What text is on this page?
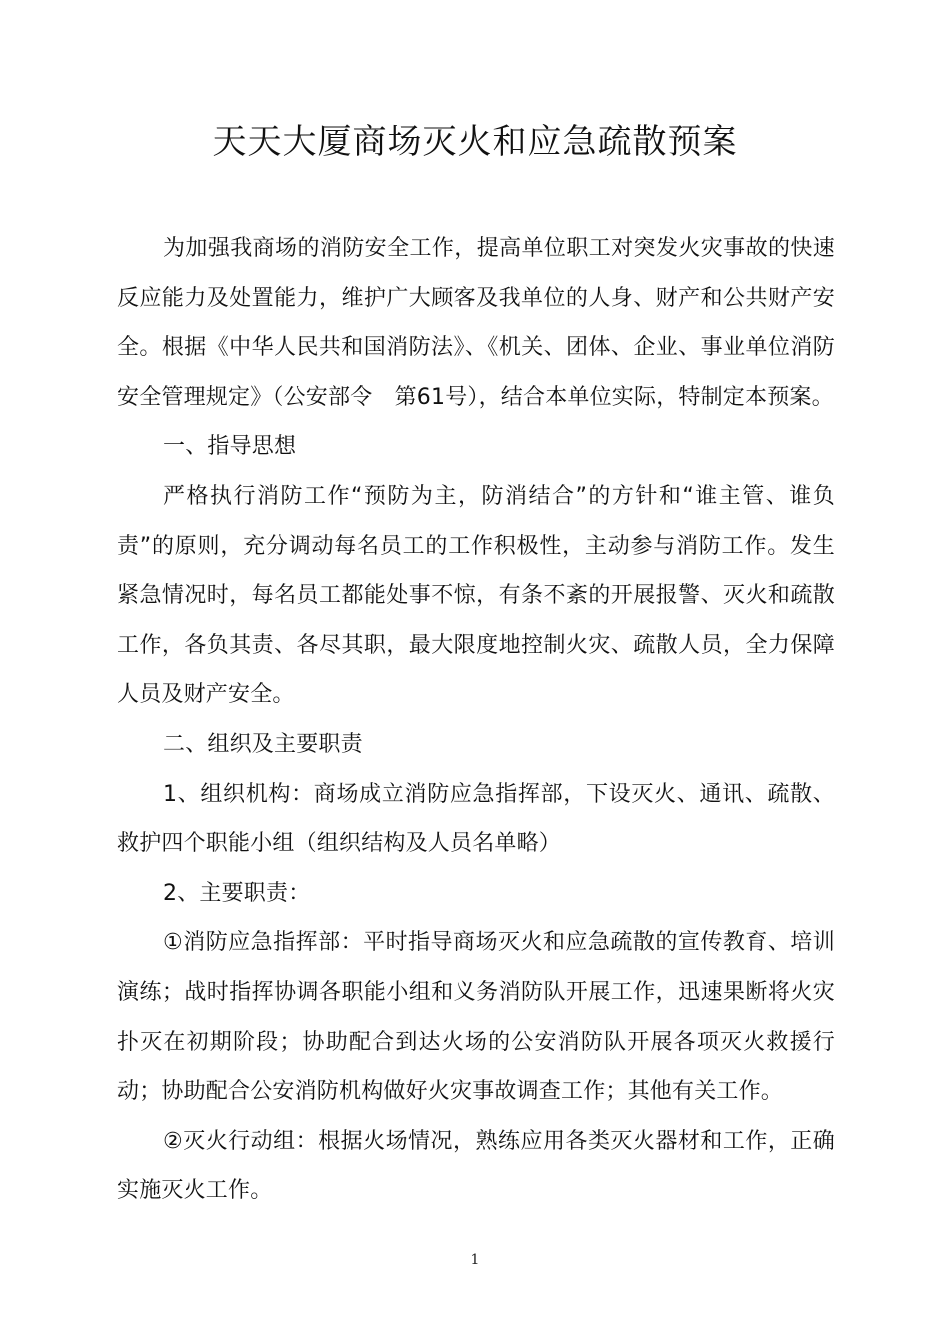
天天大厦商场灭火和应急疏散预案

为加强我商场的消防安全工作，提高单位职工对突发火灾事故的快速反应能力及处置能力，维护广大顾客及我单位的人身、财产和公共财产安全。根据《中华人民共和国消防法》、《机关、团体、企业、事业单位消防安全管理规定》（公安部令　第61号），结合本单位实际，特制定本预案。

一、指导思想

严格执行消防工作“预防为主，防消结合”的方针和“谁主管、谁负责”的原则，充分调动每名员工的工作积极性，主动参与消防工作。发生紧急情况时，每名员工都能处事不惊，有条不紊的开展报警、灭火和疏散工作，各负其责、各尽其职，最大限度地控制火灾、疏散人员，全力保障人员及财产安全。

二、组织及主要职责

1、组织机构：商场成立消防应急指挥部，下设灭火、通讯、疏散、救护四个职能小组（组织结构及人员名单略）

2、主要职责：

①消防应急指挥部：平时指导商场灭火和应急疏散的宣传教育、培训演练；战时指挥协调各职能小组和义务消防队开展工作，迅速果断将火灾扑灭在初期阶段；协助配合到达火场的公安消防队开展各项灭火救援行动；协助配合公安消防机构做好火灾事故调查工作；其他有关工作。

②灭火行动组：根据火场情况，熟练应用各类灭火器材和工作，正确实施灭火工作。

1
